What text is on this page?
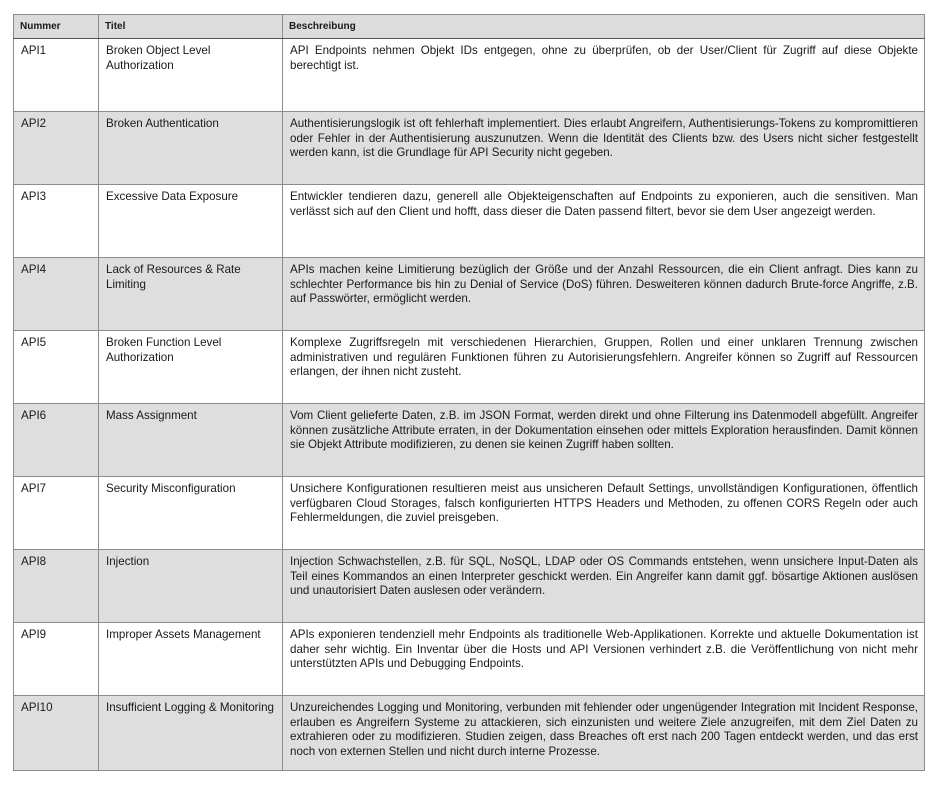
Nummer	Titel	Beschreibung
API1	Broken Object Level Authorization	API Endpoints nehmen Objekt IDs entgegen, ohne zu überprüfen, ob der User/Client für Zugriff auf diese Objekte berechtigt ist.
API2	Broken Authentication	Authentisierungslogik ist oft fehlerhaft implementiert. Dies erlaubt Angreifern, Authentisierungs-Tokens zu kompromittieren oder Fehler in der Authentisierung auszunutzen. Wenn die Identität des Clients bzw. des Users nicht sicher festgestellt werden kann, ist die Grundlage für API Security nicht gegeben.
API3	Excessive Data Exposure	Entwickler tendieren dazu, generell alle Objekteigenschaften auf Endpoints zu exponieren, auch die sensitiven. Man verlässt sich auf den Client und hofft, dass dieser die Daten passend filtert, bevor sie dem User angezeigt werden.
API4	Lack of Resources & Rate Limiting	APIs machen keine Limitierung bezüglich der Größe und der Anzahl Ressourcen, die ein Client anfragt. Dies kann zu schlechter Performance bis hin zu Denial of Service (DoS) führen. Desweiteren können dadurch Brute-force Angriffe, z.B. auf Passwörter, ermöglicht werden.
API5	Broken Function Level Authorization	Komplexe Zugriffsregeln mit verschiedenen Hierarchien, Gruppen, Rollen und einer unklaren Trennung zwischen administrativen und regulären Funktionen führen zu Autorisierungsfehlern. Angreifer können so Zugriff auf Ressourcen erlangen, der ihnen nicht zusteht.
API6	Mass Assignment	Vom Client gelieferte Daten, z.B. im JSON Format, werden direkt und ohne Filterung ins Datenmodell abgefüllt. Angreifer können zusätzliche Attribute erraten, in der Dokumentation einsehen oder mittels Exploration herausfinden. Damit können sie Objekt Attribute modifizieren, zu denen sie keinen Zugriff haben sollten.
API7	Security Misconfiguration	Unsichere Konfigurationen resultieren meist aus unsicheren Default Settings, unvollständigen Konfigurationen, öffentlich verfügbaren Cloud Storages, falsch konfigurierten HTTPS Headers und Methoden, zu offenen CORS Regeln oder auch Fehlermeldungen, die zuviel preisgeben.
API8	Injection	Injection Schwachstellen, z.B. für SQL, NoSQL, LDAP oder OS Commands entstehen, wenn unsichere Input-Daten als Teil eines Kommandos an einen Interpreter geschickt werden. Ein Angreifer kann damit ggf. bösartige Aktionen auslösen und unautorisiert Daten auslesen oder verändern.
API9	Improper Assets Management	APIs exponieren tendenziell mehr Endpoints als traditionelle Web-Applikationen. Korrekte und aktuelle Dokumentation ist daher sehr wichtig. Ein Inventar über die Hosts und API Versionen verhindert z.B. die Veröffentlichung von nicht mehr unterstützten APIs und Debugging Endpoints.
API10	Insufficient Logging & Monitoring	Unzureichendes Logging und Monitoring, verbunden mit fehlender oder ungenügender Integration mit Incident Response, erlauben es Angreifern Systeme zu attackieren, sich einzunisten und weitere Ziele anzugreifen, mit dem Ziel Daten zu extrahieren oder zu modifizieren. Studien zeigen, dass Breaches oft erst nach 200 Tagen entdeckt werden, und das erst noch von externen Stellen und nicht durch interne Prozesse.
